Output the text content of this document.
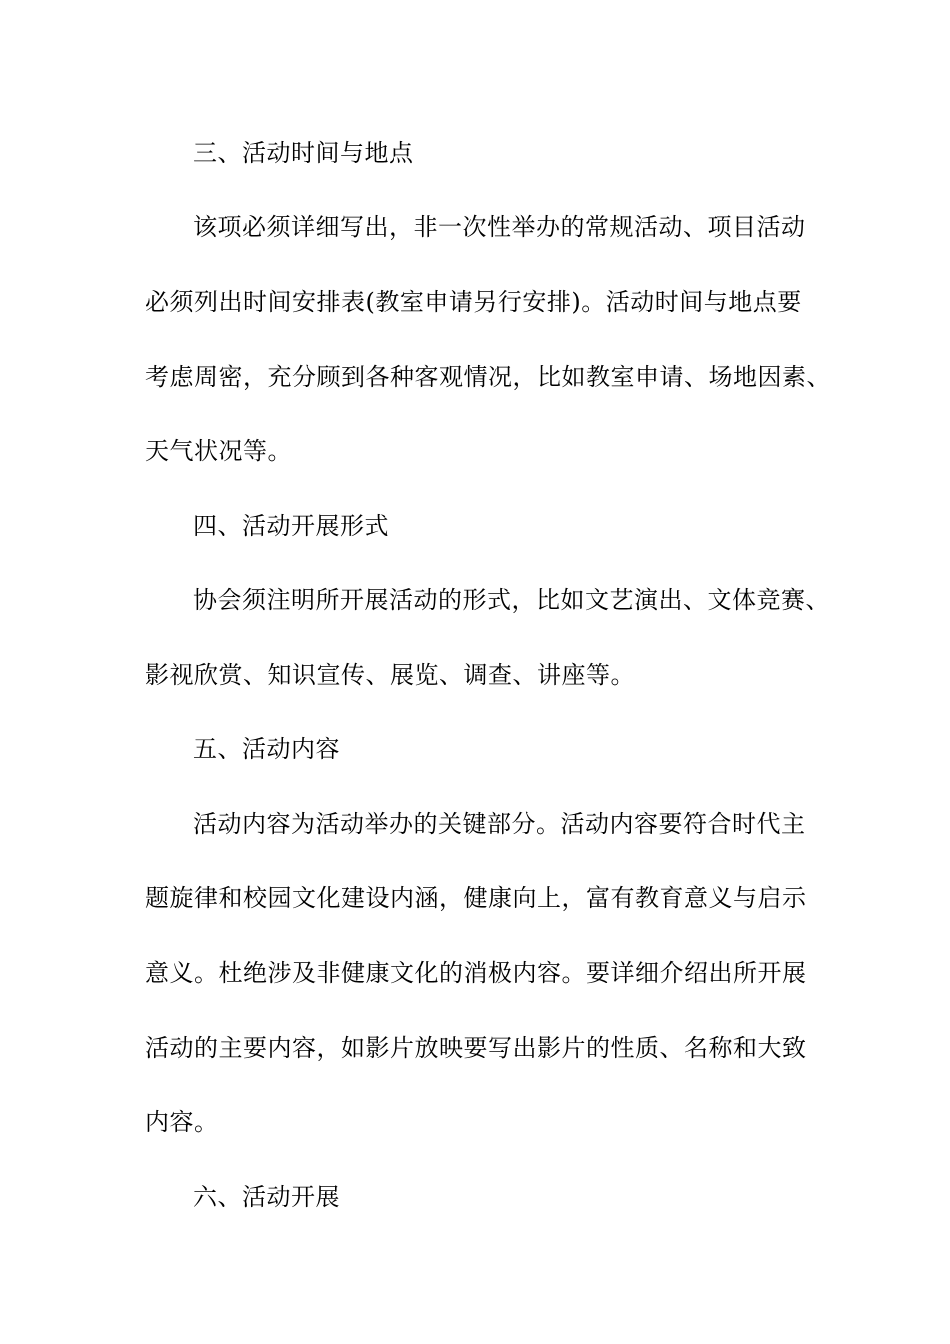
三、活动时间与地点
该项必须详细写出，非一次性举办的常规活动、项目活动
必须列出时间安排表(教室申请另行安排)。活动时间与地点要
考虑周密，充分顾到各种客观情况，比如教室申请、场地因素、
天气状况等。
四、活动开展形式
协会须注明所开展活动的形式，比如文艺演出、文体竞赛、
影视欣赏、知识宣传、展览、调查、讲座等。
五、活动内容
活动内容为活动举办的关键部分。活动内容要符合时代主
题旋律和校园文化建设内涵，健康向上，富有教育意义与启示
意义。杜绝涉及非健康文化的消极内容。要详细介绍出所开展
活动的主要内容，如影片放映要写出影片的性质、名称和大致
内容。
六、活动开展
